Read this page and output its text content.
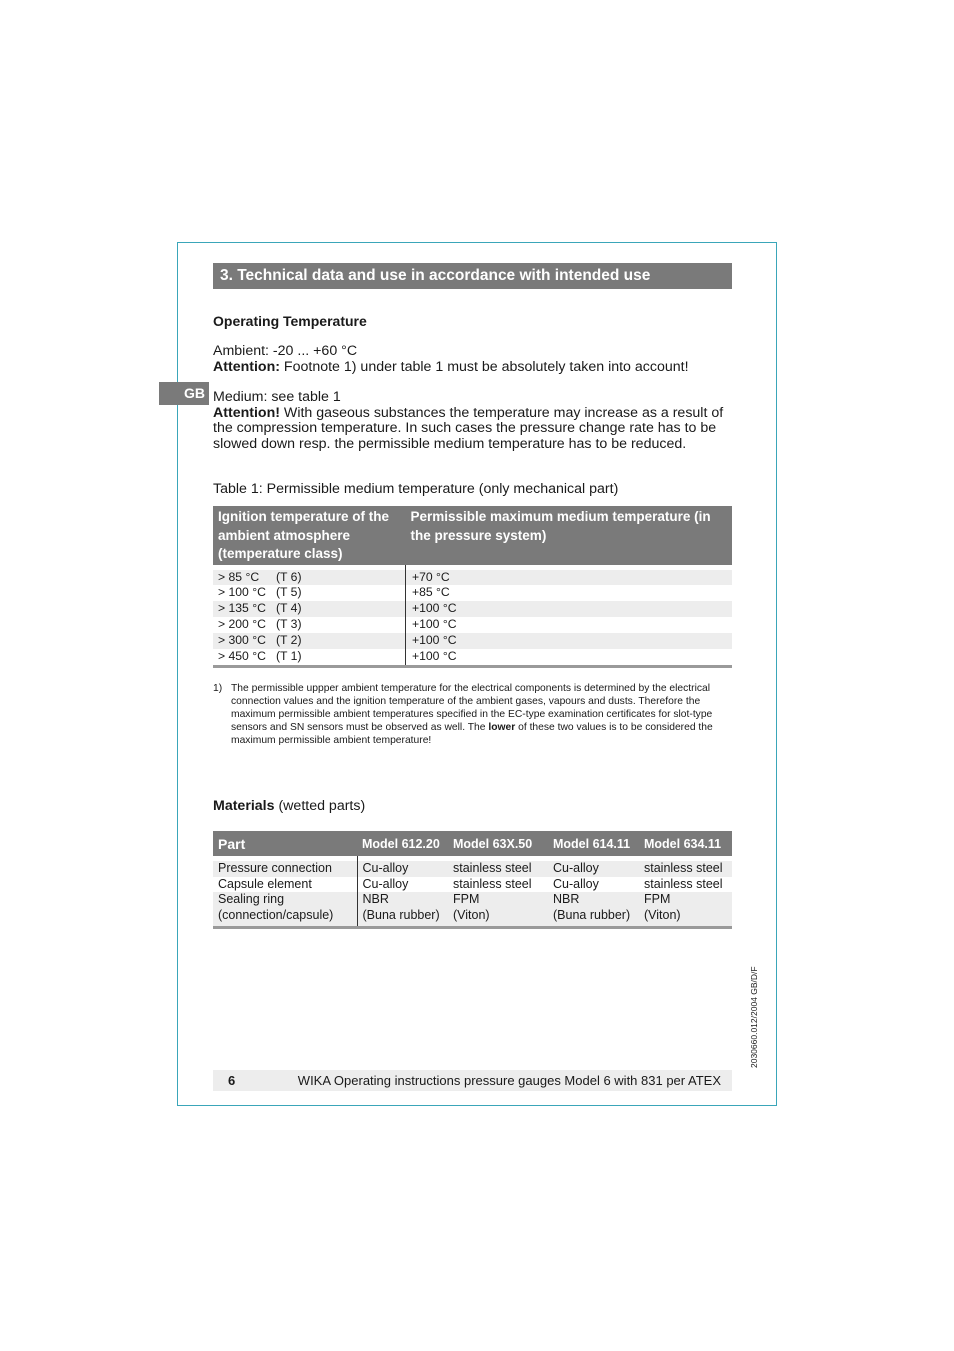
GB
3. Technical data and use in accordance with intended use
Operating Temperature
Ambient: -20 ... +60 °C
Attention: Footnote 1) under table 1 must be absolutely taken into account!
Medium: see table 1
Attention! With gaseous substances the temperature may increase as a result of the compression temperature. In such cases the pressure change rate has to be slowed down resp. the permissible medium temperature has to be reduced.
Table 1: Permissible medium temperature (only mechanical part)
Ignition temperature of the ambient atmosphere (temperature class)	Permissible maximum medium temperature (in the pressure system)

> 85 °C (T 6)	+70 °C
> 100 °C (T 5)	+85 °C
> 135 °C (T 4)	+100 °C
> 200 °C (T 3)	+100 °C
> 300 °C (T 2)	+100 °C
> 450 °C (T 1)	+100 °C
1) The permissible uppper ambient temperature for the electrical components is determined by the electrical connection values and the ignition temperature of the ambient gases, vapours and dusts. Therefore the maximum permissible ambient temperatures specified in the EC-type examination certificates for slot-type sensors and SN sensors must be observed as well. The lower of these two values is to be considered the maximum permissible ambient temperature!
Materials (wetted parts)
Part	Model 612.20	Model 63X.50	Model 614.11	Model 634.11

Pressure connection	Cu-alloy	stainless steel	Cu-alloy	stainless steel
Capsule element	Cu-alloy	stainless steel	Cu-alloy	stainless steel
Sealing ring	NBR	FPM	NBR	FPM
(connection/capsule)	(Buna rubber)	(Viton)	(Buna rubber)	(Viton)
2030660.012/2004 GB/D/F
6	WIKA Operating instructions pressure gauges Model 6 with 831 per ATEX
